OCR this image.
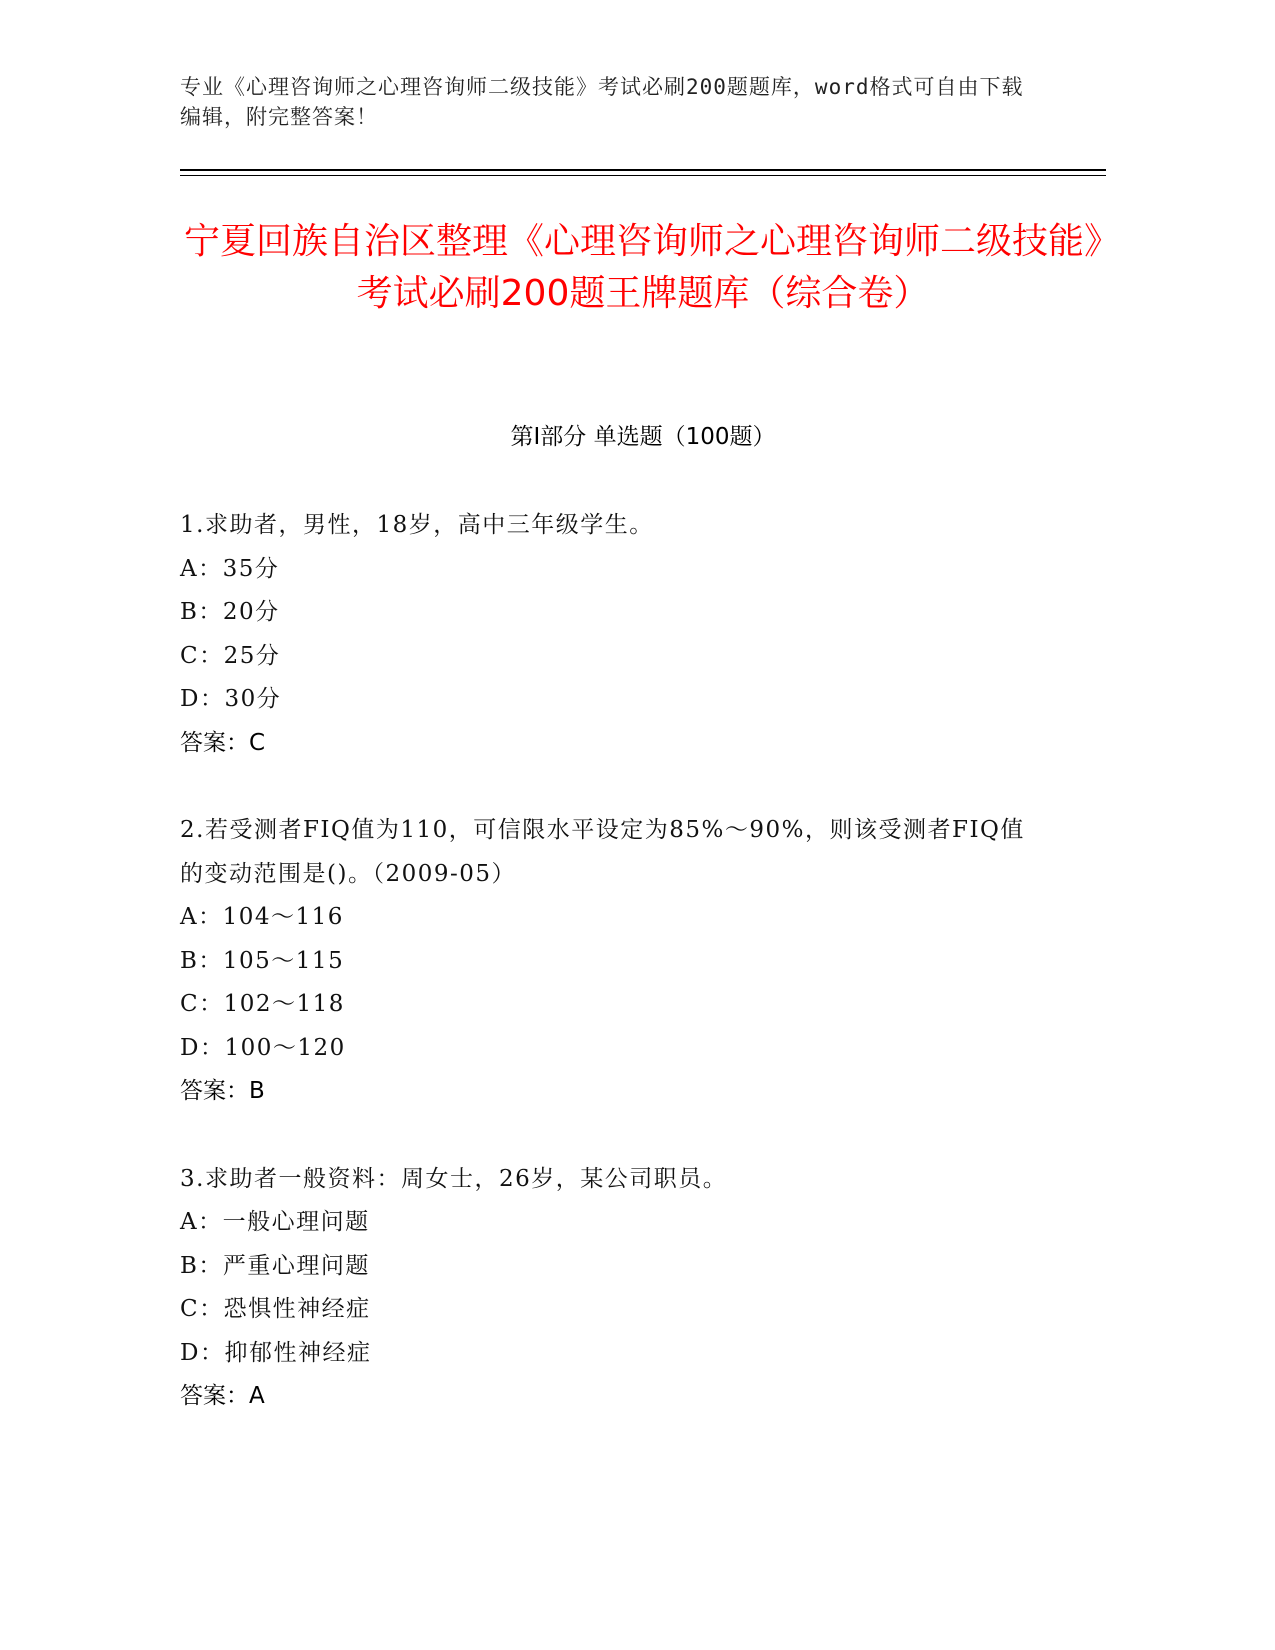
专业《心理咨询师之心理咨询师二级技能》考试必刷200题题库，word格式可自由下载编辑，附完整答案！
宁夏回族自治区整理《心理咨询师之心理咨询师二级技能》考试必刷200题王牌题库（综合卷）
第Ⅰ部分 单选题（100题）
1.求助者，男性，18岁，高中三年级学生。
A：35分
B：20分
C：25分
D：30分
答案：C
2.若受测者FIQ值为110，可信限水平设定为85%～90%，则该受测者FIQ值的变动范围是()。（2009-05）
A：104～116
B：105～115
C：102～118
D：100～120
答案：B
3.求助者一般资料：周女士，26岁，某公司职员。
A：一般心理问题
B：严重心理问题
C：恐惧性神经症
D：抑郁性神经症
答案：A
